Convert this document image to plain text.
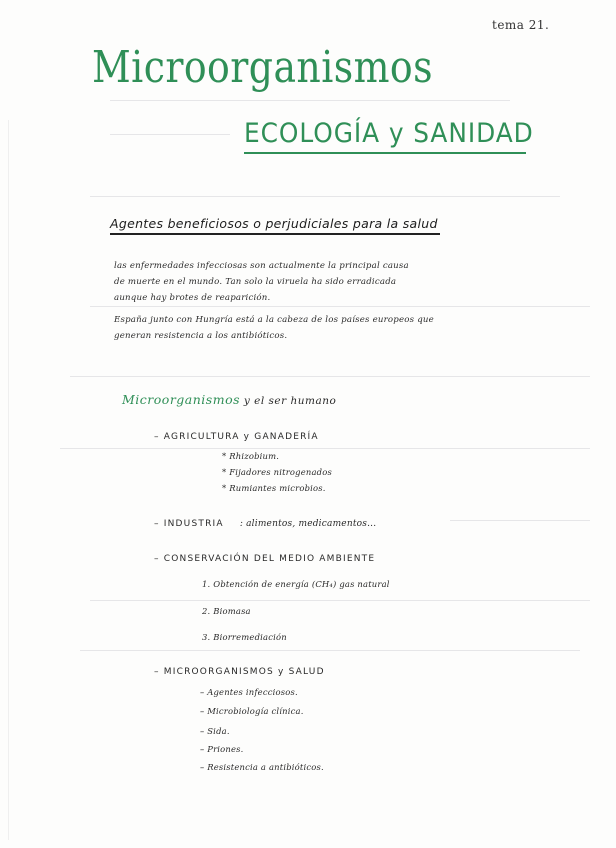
tema 21.
Microorganismos
ECOLOGÍA y SANIDAD
Agentes beneficiosos o perjudiciales para la salud
las enfermedades infecciosas son actualmente la principal causa
de muerte en el mundo. Tan solo la viruela ha sido erradicada
aunque hay brotes de reaparición.
España junto con Hungría está a la cabeza de los países europeos que
generan resistencia a los antibióticos.
Microorganismos y el ser humano
– AGRICULTURA y GANADERÍA
* Rhizobium.
* Fijadores nitrogenados
* Rumiantes microbios.
– INDUSTRIA : alimentos, medicamentos...
– CONSERVACIÓN DEL MEDIO AMBIENTE
1. Obtención de energía (CH₄) gas natural
2. Biomasa
3. Biorremediación
– MICROORGANISMOS y SALUD
– Agentes infecciosos.
– Microbiología clínica.
– Sida.
– Priones.
– Resistencia a antibióticos.
